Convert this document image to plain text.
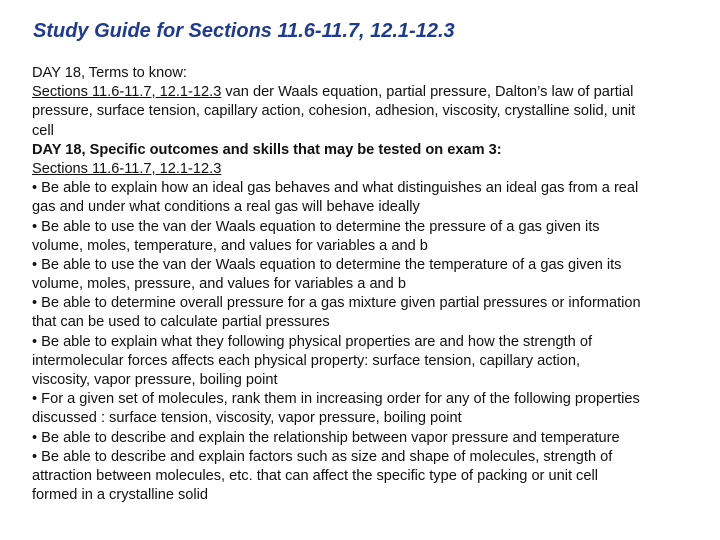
Study Guide for Sections 11.6-11.7, 12.1-12.3
DAY 18, Terms to know:
Sections 11.6-11.7, 12.1-12.3 van der Waals equation, partial pressure, Dalton’s law of partial
pressure, surface tension, capillary action, cohesion, adhesion, viscosity, crystalline solid, unit
cell
DAY 18, Specific outcomes and skills that may be tested on exam 3:
Sections 11.6-11.7, 12.1-12.3
• Be able to explain how an ideal gas behaves and what distinguishes an ideal gas from a real
gas and under what conditions a real gas will behave ideally
• Be able to use the van der Waals equation to determine the pressure of a gas given its
volume, moles, temperature, and values for variables a and b
• Be able to use the van der Waals equation to determine the temperature of a gas given its
volume, moles, pressure, and values for variables a and b
• Be able to determine overall pressure for a gas mixture given partial pressures or information
that can be used to calculate partial pressures
• Be able to explain what they following physical properties are and how the strength of
intermolecular forces affects each physical property: surface tension, capillary action,
viscosity, vapor pressure, boiling point
• For a given set of molecules, rank them in increasing order for any of the following properties
discussed : surface tension, viscosity, vapor pressure, boiling point
• Be able to describe and explain the relationship between vapor pressure and temperature
• Be able to describe and explain factors such as size and shape of molecules, strength of
attraction between molecules, etc. that can affect the specific type of packing or unit cell
formed in a crystalline solid
